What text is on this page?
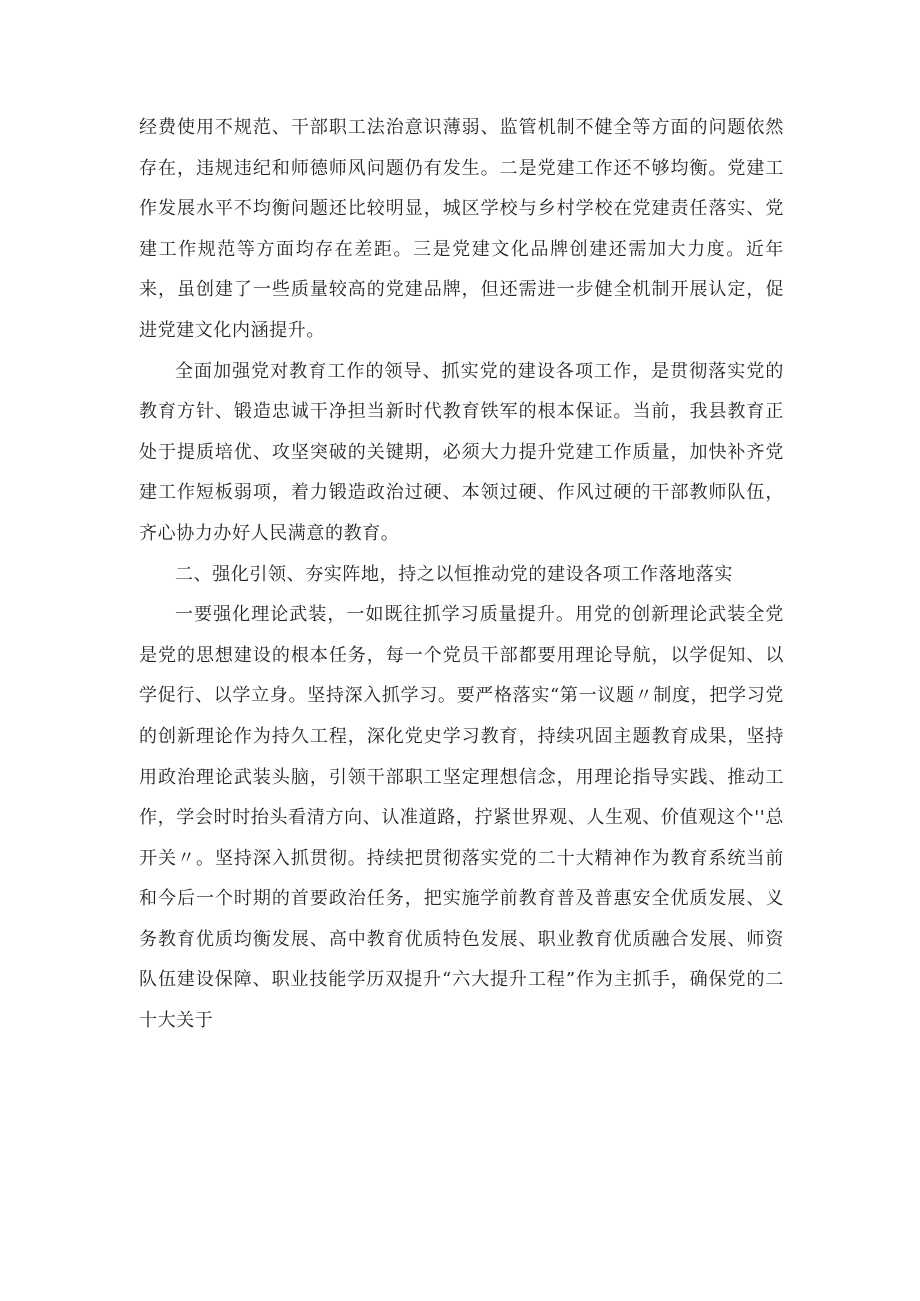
经费使用不规范、干部职工法治意识薄弱、监管机制不健全等方面的问题依然存在，违规违纪和师德师风问题仍有发生。二是党建工作还不够均衡。党建工作发展水平不均衡问题还比较明显，城区学校与乡村学校在党建责任落实、党建工作规范等方面均存在差距。三是党建文化品牌创建还需加大力度。近年来，虽创建了一些质量较高的党建品牌，但还需进一步健全机制开展认定，促进党建文化内涵提升。

全面加强党对教育工作的领导、抓实党的建设各项工作，是贯彻落实党的教育方针、锻造忠诚干净担当新时代教育铁军的根本保证。当前，我县教育正处于提质培优、攻坚突破的关键期，必须大力提升党建工作质量，加快补齐党建工作短板弱项，着力锻造政治过硬、本领过硬、作风过硬的干部教师队伍，齐心协力办好人民满意的教育。

二、强化引领、夯实阵地，持之以恒推动党的建设各项工作落地落实

一要强化理论武装，一如既往抓学习质量提升。用党的创新理论武装全党是党的思想建设的根本任务，每一个党员干部都要用理论导航，以学促知、以学促行、以学立身。坚持深入抓学习。要严格落实“第一议题〃制度，把学习党的创新理论作为持久工程，深化党史学习教育，持续巩固主题教育成果，坚持用政治理论武装头脑，引领干部职工坚定理想信念，用理论指导实践、推动工作，学会时时抬头看清方向、认准道路，拧紧世界观、人生观、价值观这个''总开关〃。坚持深入抓贯彻。持续把贯彻落实党的二十大精神作为教育系统当前和今后一个时期的首要政治任务，把实施学前教育普及普惠安全优质发展、义务教育优质均衡发展、高中教育优质特色发展、职业教育优质融合发展、师资队伍建设保障、职业技能学历双提升“六大提升工程”作为主抓手，确保党的二十大关于
